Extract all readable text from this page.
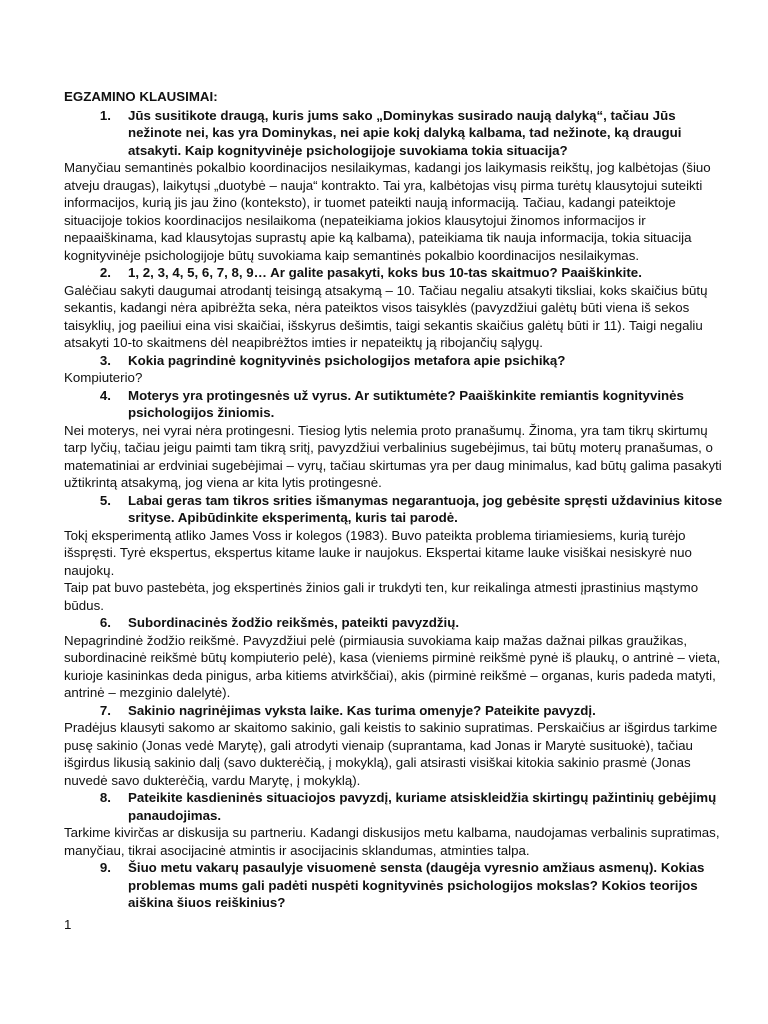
EGZAMINO KLAUSIMAI:
1.	Jūs susitikote draugą, kuris jums sako „Dominykas susirado naują dalyką“, tačiau Jūs nežinote nei, kas yra Dominykas, nei apie kokį dalyką kalbama, tad nežinote, ką draugui atsakyti. Kaip kognityvinėje psichologijoje suvokiama tokia situacija?

Manyčiau semantinės pokalbio koordinacijos nesilaikymas, kadangi jos laikymasis reikštų, jog kalbėtojas (šiuo atveju draugas), laikytųsi „duotybė – nauja“ kontrakto. Tai yra, kalbėtojas visų pirma turėtų klausytojui suteikti informacijos, kurią jis jau žino (konteksto), ir tuomet pateikti naują informaciją. Tačiau, kadangi pateiktoje situacijoje tokios koordinacijos nesilaikoma (nepateikiama jokios klausytojui žinomos informacijos ir nepaaiškinama, kad klausytojas suprastų apie ką kalbama), pateikiama tik nauja informacija, tokia situacija kognityvinėje psichologijoje būtų suvokiama kaip semantinės pokalbio koordinacijos nesilaikymas.

2.	1, 2, 3, 4, 5, 6, 7, 8, 9… Ar galite pasakyti, koks bus 10-tas skaitmuo? Paaiškinkite.

Galėčiau sakyti daugumai atrodantį teisingą atsakymą – 10. Tačiau negaliu atsakyti tiksliai, koks skaičius būtų sekantis, kadangi nėra apibrėžta seka, nėra pateiktos visos taisyklės (pavyzdžiui galėtų būti viena iš sekos taisyklių, jog paeiliui eina visi skaičiai, išskyrus dešimtis, taigi sekantis skaičius galėtų būti ir 11). Taigi negaliu atsakyti 10-to skaitmens dėl neapibrėžtos imties ir nepateiktų ją ribojančių sąlygų.

3.	Kokia pagrindinė kognityvinės psichologijos metafora apie psichiką?

Kompiuterio?

4.	Moterys yra protingesnės už vyrus. Ar sutiktumėte? Paaiškinkite remiantis kognityvinės psichologijos žiniomis.

Nei moterys, nei vyrai nėra protingesni. Tiesiog lytis nelemia proto pranašumų. Žinoma, yra tam tikrų skirtumų tarp lyčių, tačiau jeigu paimti tam tikrą sritį, pavyzdžiui verbalinius sugebėjimus, tai būtų moterų pranašumas, o matematiniai ar erdviniai sugebėjimai – vyrų, tačiau skirtumas yra per daug minimalus, kad būtų galima pasakyti užtikrintą atsakymą, jog viena ar kita lytis protingesnė.

5.	Labai geras tam tikros srities išmanymas negarantuoja, jog gebėsite spręsti uždavinius kitose srityse. Apibūdinkite eksperimentą, kuris tai parodė.

Tokį eksperimentą atliko James Voss ir kolegos (1983). Buvo pateikta problema tiriamiesiems, kurią turėjo išspręsti. Tyrė ekspertus, ekspertus kitame lauke ir naujokus. Ekspertai kitame lauke visiškai nesiskyrė nuo naujokų.

Taip pat buvo pastebėta, jog ekspertinės žinios gali ir trukdyti ten, kur reikalinga atmesti įprastinius mąstymo būdus.

6.	Subordinacinės žodžio reikšmės, pateikti pavyzdžių.

Nepagrindinė žodžio reikšmė. Pavyzdžiui pelė (pirmiausia suvokiama kaip mažas dažnai pilkas graužikas, subordinacinė reikšmė būtų kompiuterio pelė), kasa (vieniems pirminė reikšmė pynė iš plaukų, o antrinė – vieta, kurioje kasininkas deda pinigus, arba kitiems atvirkščiai), akis (pirminė reikšmė – organas, kuris padeda matyti, antrinė – mezginio dalelytė).

7.	Sakinio nagrinėjimas vyksta laike. Kas turima omenyje? Pateikite pavyzdį.

Pradėjus klausyti sakomo ar skaitomo sakinio, gali keistis to sakinio supratimas. Perskaičius ar išgirdus tarkime pusę sakinio (Jonas vedė Marytę), gali atrodyti vienaip (suprantama, kad Jonas ir Marytė susituokė), tačiau išgirdus likusią sakinio dalį (savo dukterėčią, į mokyklą), gali atsirasti visiškai kitokia sakinio prasmė (Jonas nuvedė savo dukterėčią, vardu Marytę, į mokyklą).

8.	Pateikite kasdieninės situaciojos pavyzdį, kuriame atsiskleidžia skirtingų pažintinių gebėjimų panaudojimas.

Tarkime kivirčas ar diskusija su partneriu. Kadangi diskusijos metu kalbama, naudojamas verbalinis supratimas, manyčiau, tikrai asocijacinė atmintis ir asocijacinis sklandumas, atminties talpa.

9.	Šiuo metu vakarų pasaulyje visuomenė sensta (daugėja vyresnio amžiaus asmenų). Kokias problemas mums gali padėti nuspėti kognityvinės psichologijos mokslas? Kokios teorijos aiškina šiuos reiškinius?
1
